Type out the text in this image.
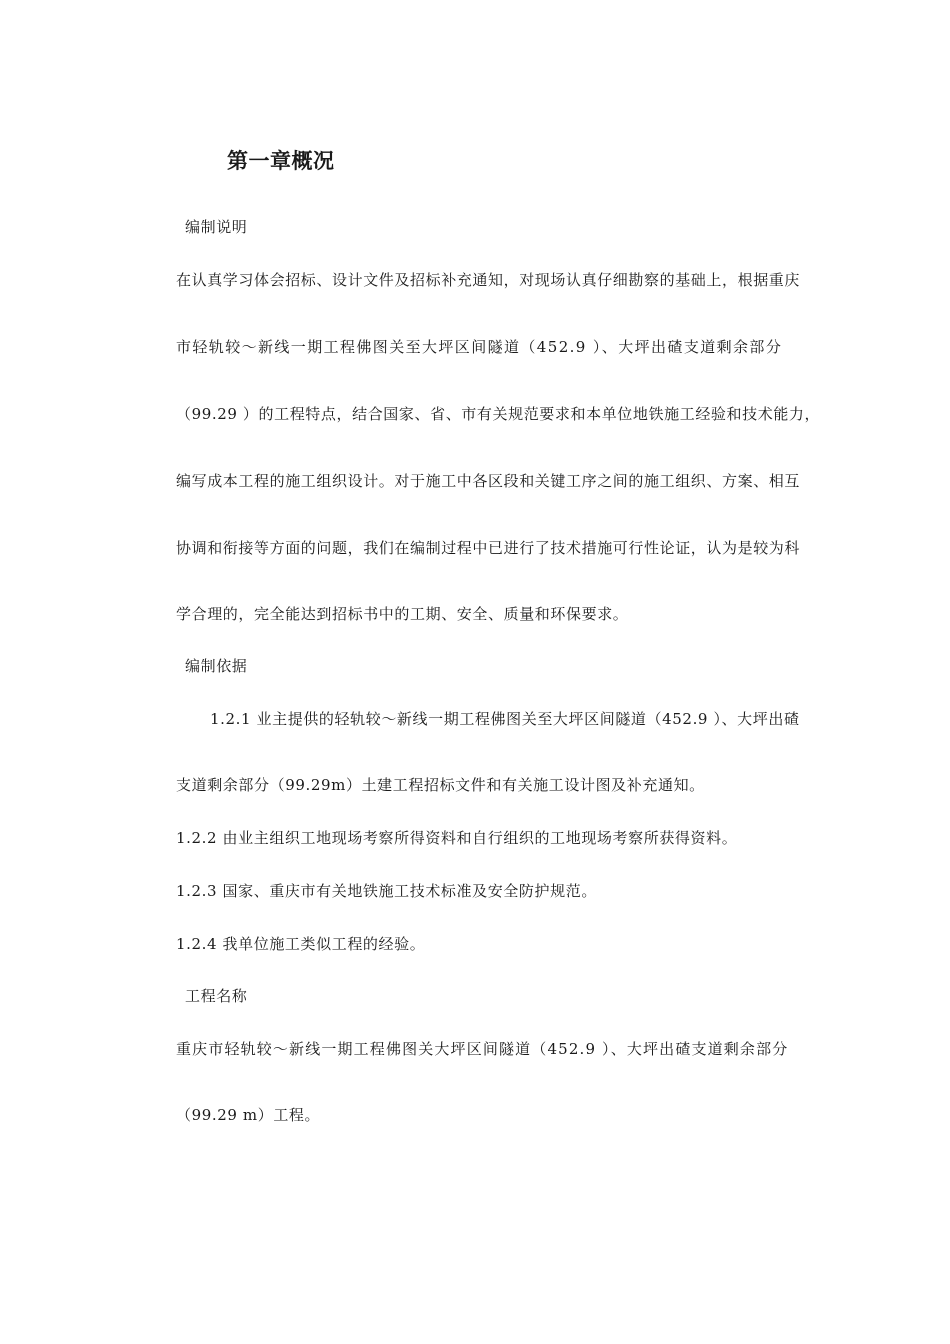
第一章概况
编制说明
在认真学习体会招标、设计文件及招标补充通知，对现场认真仔细勘察的基础上，根据重庆
市轻轨较～新线一期工程佛图关至大坪区间隧道（452.9 ）、大坪出碴支道剩余部分
（99.29 ）的工程特点，结合国家、省、市有关规范要求和本单位地铁施工经验和技术能力，
编写成本工程的施工组织设计。对于施工中各区段和关键工序之间的施工组织、方案、相互
协调和衔接等方面的问题，我们在编制过程中已进行了技术措施可行性论证，认为是较为科
学合理的，完全能达到招标书中的工期、安全、质量和环保要求。
编制依据
1.2.1 业主提供的轻轨较～新线一期工程佛图关至大坪区间隧道（452.9 ）、大坪出碴
支道剩余部分（99.29m）土建工程招标文件和有关施工设计图及补充通知。
1.2.2 由业主组织工地现场考察所得资料和自行组织的工地现场考察所获得资料。
1.2.3 国家、重庆市有关地铁施工技术标准及安全防护规范。
1.2.4 我单位施工类似工程的经验。
工程名称
重庆市轻轨较～新线一期工程佛图关大坪区间隧道（452.9 ）、大坪出碴支道剩余部分
（99.29 m）工程。
